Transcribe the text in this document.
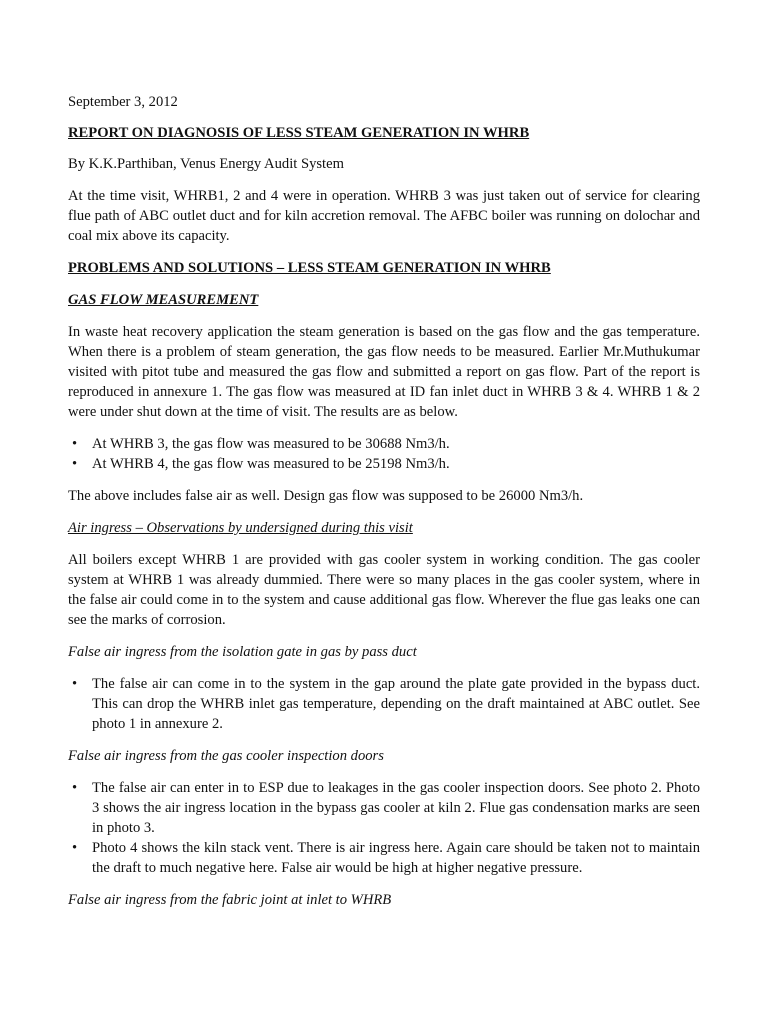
September 3, 2012

REPORT ON DIAGNOSIS OF LESS STEAM GENERATION IN WHRB

By K.K.Parthiban, Venus Energy Audit System

At the time visit, WHRB1, 2 and 4 were in operation. WHRB 3 was just taken out of service for clearing flue path of ABC outlet duct and for kiln accretion removal. The AFBC boiler was running on dolochar and coal mix above its capacity.

PROBLEMS AND SOLUTIONS – LESS STEAM GENERATION IN WHRB

GAS FLOW MEASUREMENT

In waste heat recovery application the steam generation is based on the gas flow and the gas temperature. When there is a problem of steam generation, the gas flow needs to be measured. Earlier Mr.Muthukumar visited with pitot tube and measured the gas flow and submitted a report on gas flow. Part of the report is reproduced in annexure 1. The gas flow was measured at ID fan inlet duct in WHRB 3 & 4. WHRB 1 & 2 were under shut down at the time of visit. The results are as below.

• At WHRB 3, the gas flow was measured to be 30688 Nm3/h.
• At WHRB 4, the gas flow was measured to be 25198 Nm3/h.

The above includes false air as well. Design gas flow was supposed to be 26000 Nm3/h.

Air ingress – Observations by undersigned during this visit

All boilers except WHRB 1 are provided with gas cooler system in working condition. The gas cooler system at WHRB 1 was already dummied. There were so many places in the gas cooler system, where in the false air could come in to the system and cause additional gas flow. Wherever the flue gas leaks one can see the marks of corrosion.

False air ingress from the isolation gate in gas by pass duct

• The false air can come in to the system in the gap around the plate gate provided in the bypass duct. This can drop the WHRB inlet gas temperature, depending on the draft maintained at ABC outlet. See photo 1 in annexure 2.

False air ingress from the gas cooler inspection doors

• The false air can enter in to ESP due to leakages in the gas cooler inspection doors. See photo 2. Photo 3 shows the air ingress location in the bypass gas cooler at kiln 2. Flue gas condensation marks are seen in photo 3.
• Photo 4 shows the kiln stack vent. There is air ingress here. Again care should be taken not to maintain the draft to much negative here. False air would be high at higher negative pressure.

False air ingress from the fabric joint at inlet to WHRB
